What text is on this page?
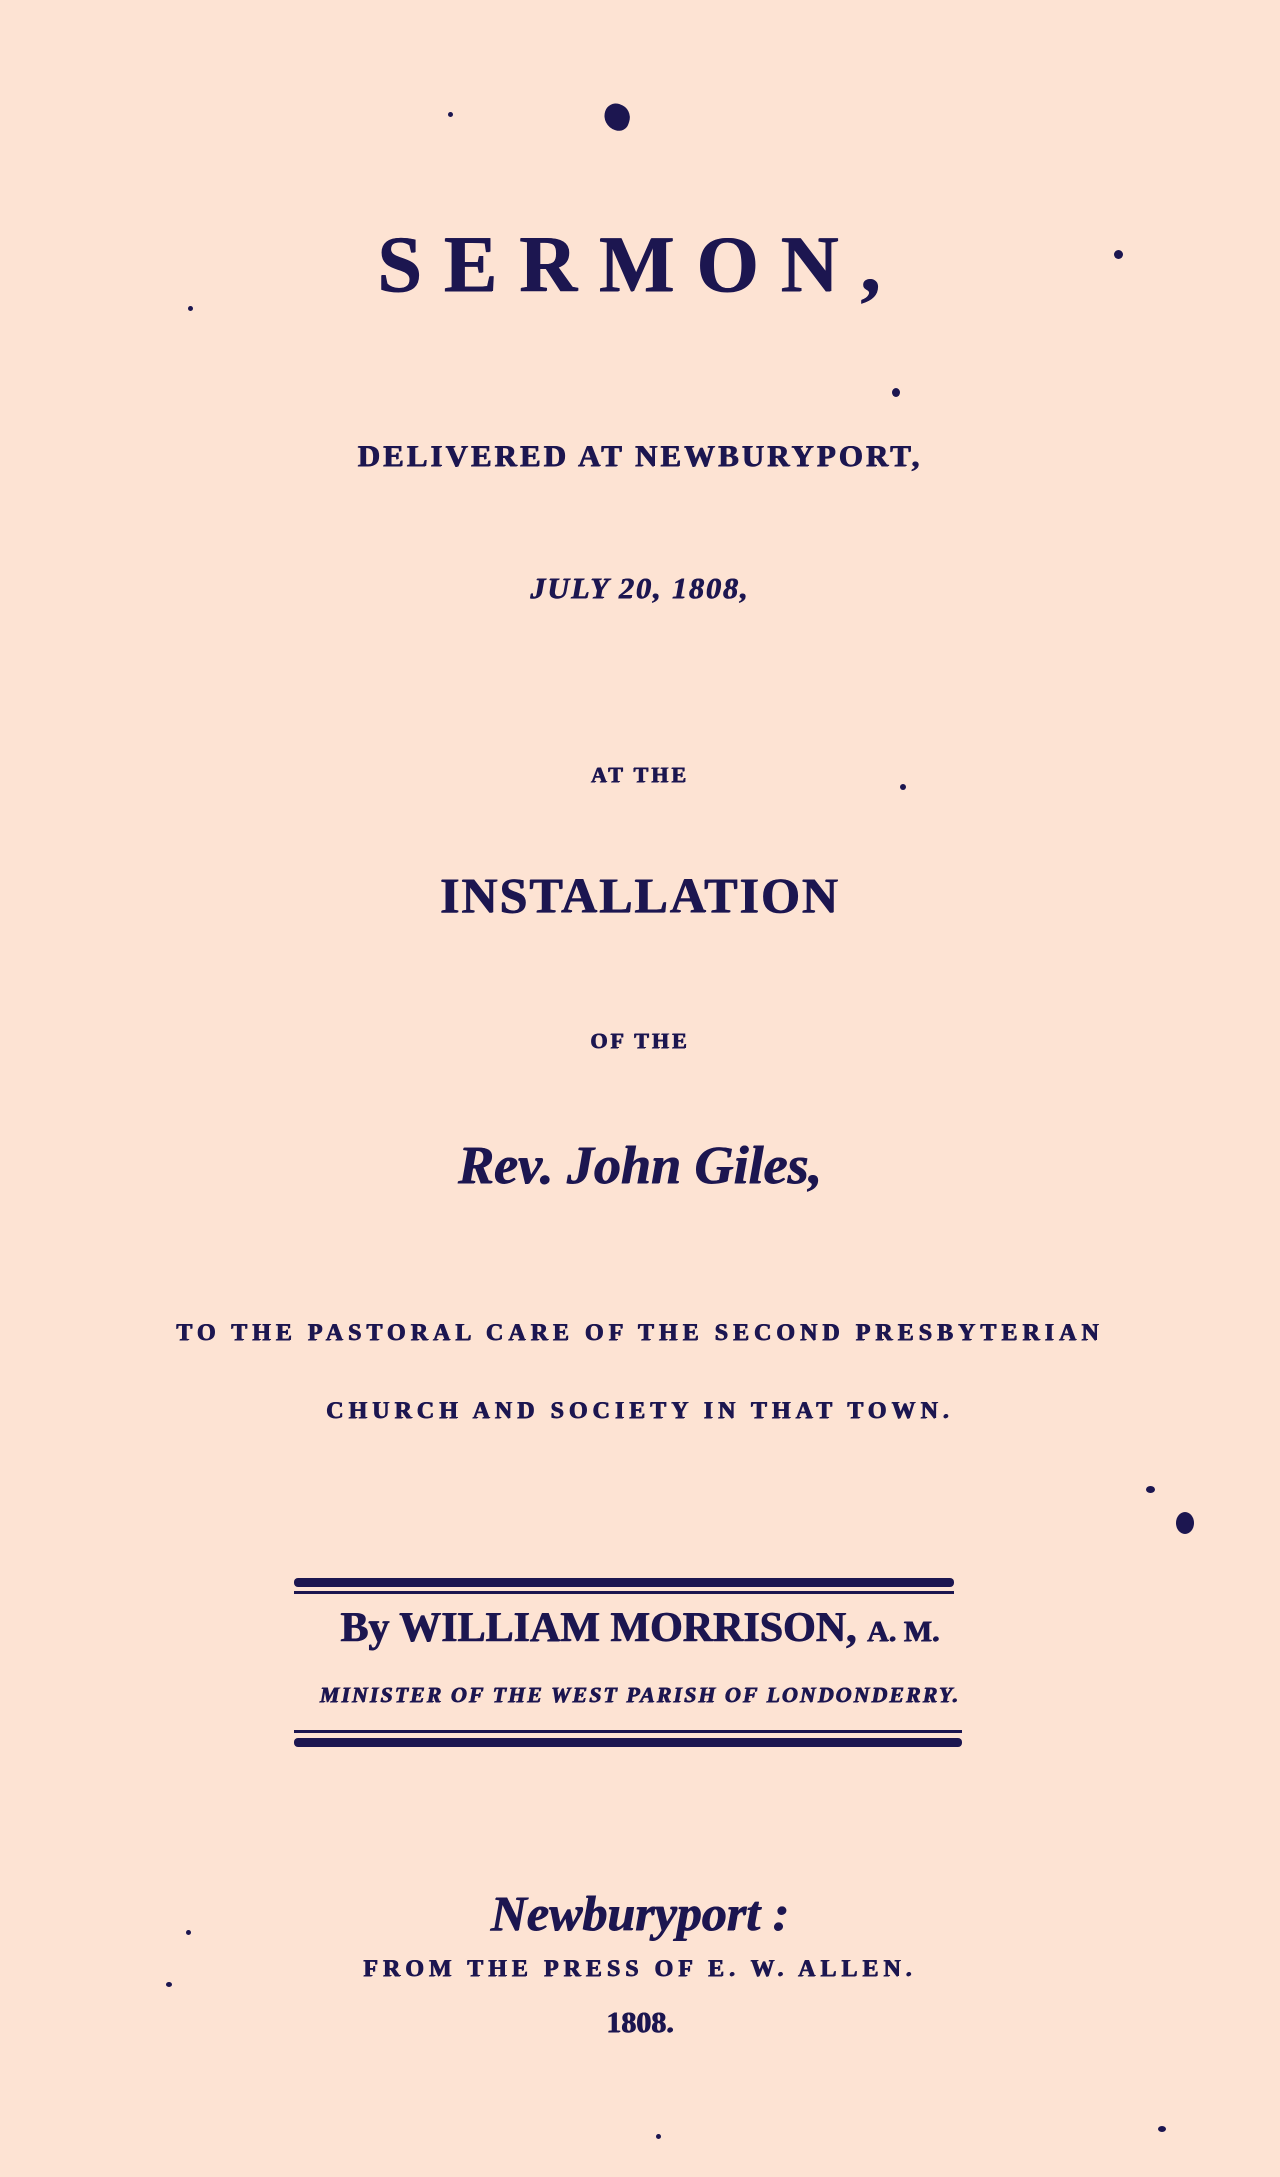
SERMON,
DELIVERED AT NEWBURYPORT,
JULY 20, 1808,
AT THE
INSTALLATION
OF THE
Rev. John Giles,
TO THE PASTORAL CARE OF THE SECOND PRESBYTERIAN
CHURCH AND SOCIETY IN THAT TOWN.
By WILLIAM MORRISON, A. M.
MINISTER OF THE WEST PARISH OF LONDONDERRY.
Newburyport :
FROM THE PRESS OF E. W. ALLEN.
1808.
